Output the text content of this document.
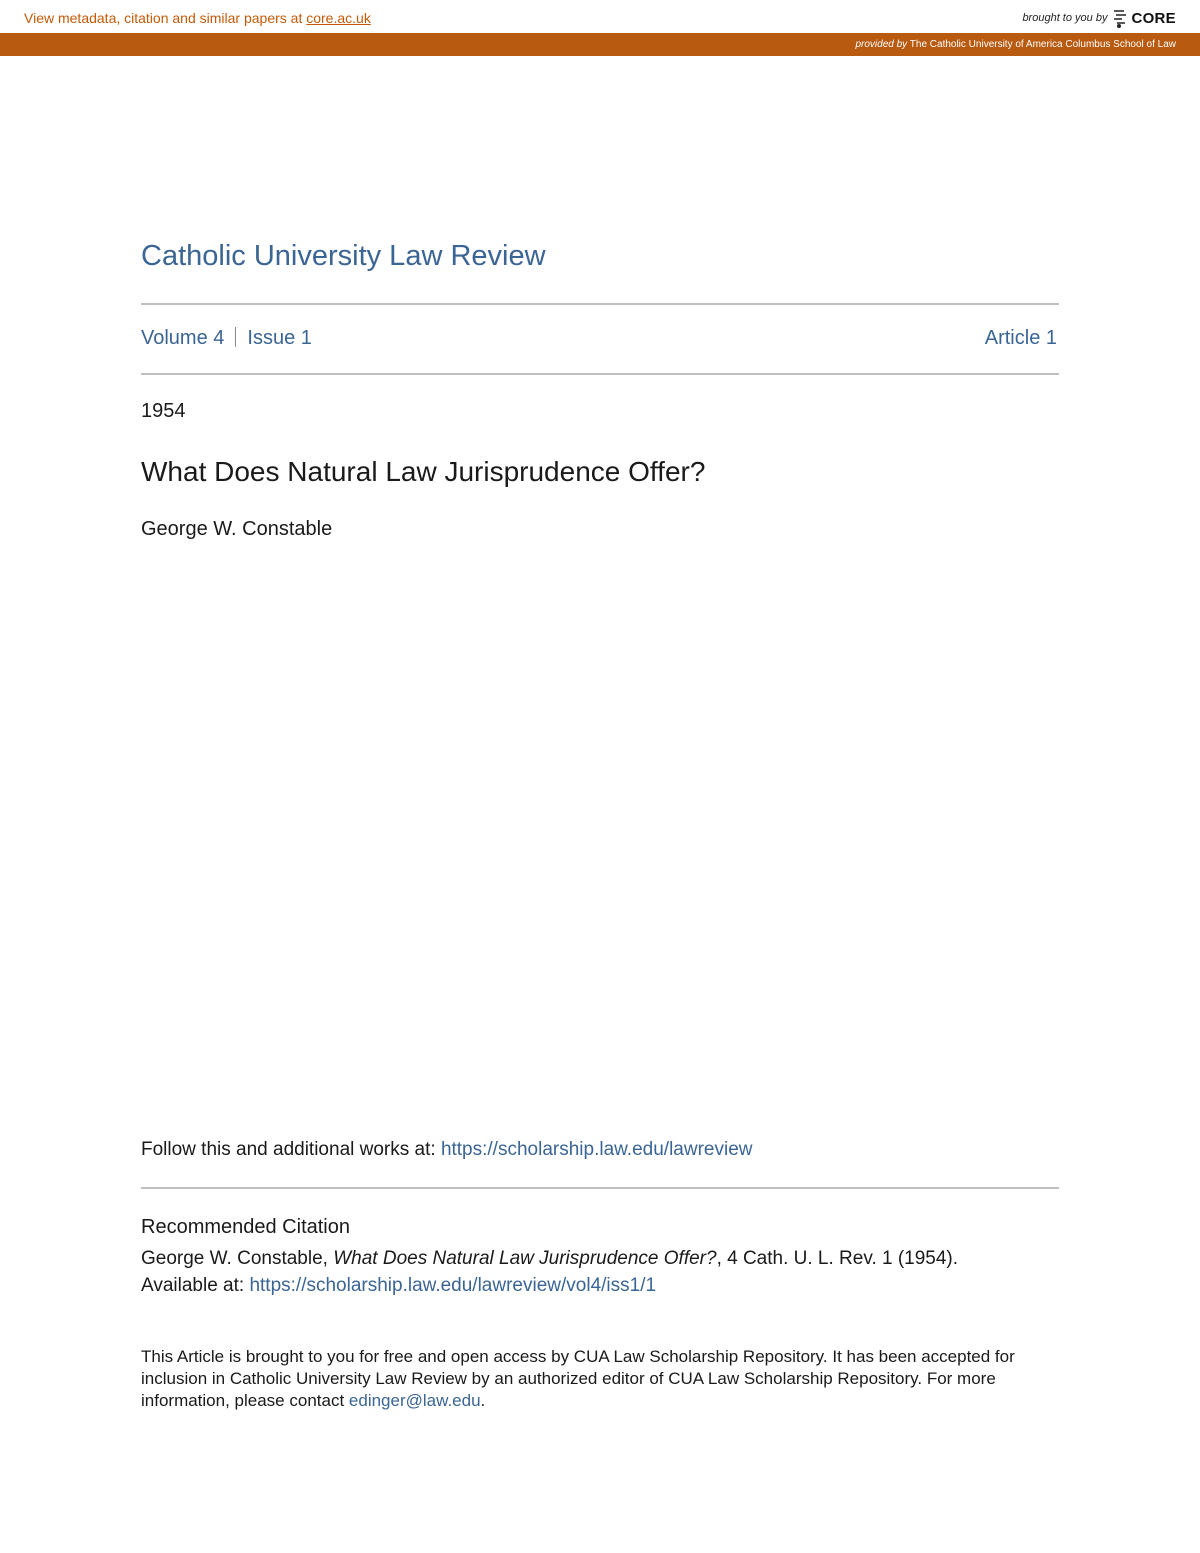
View metadata, citation and similar papers at core.ac.uk	brought to you by CORE
provided by The Catholic University of America Columbus School of Law
Catholic University Law Review
Volume 4 Issue 1	Article 1
1954
What Does Natural Law Jurisprudence Offer?
George W. Constable
Follow this and additional works at: https://scholarship.law.edu/lawreview
Recommended Citation
George W. Constable, What Does Natural Law Jurisprudence Offer?, 4 Cath. U. L. Rev. 1 (1954).
Available at: https://scholarship.law.edu/lawreview/vol4/iss1/1
This Article is brought to you for free and open access by CUA Law Scholarship Repository. It has been accepted for inclusion in Catholic University Law Review by an authorized editor of CUA Law Scholarship Repository. For more information, please contact edinger@law.edu.
